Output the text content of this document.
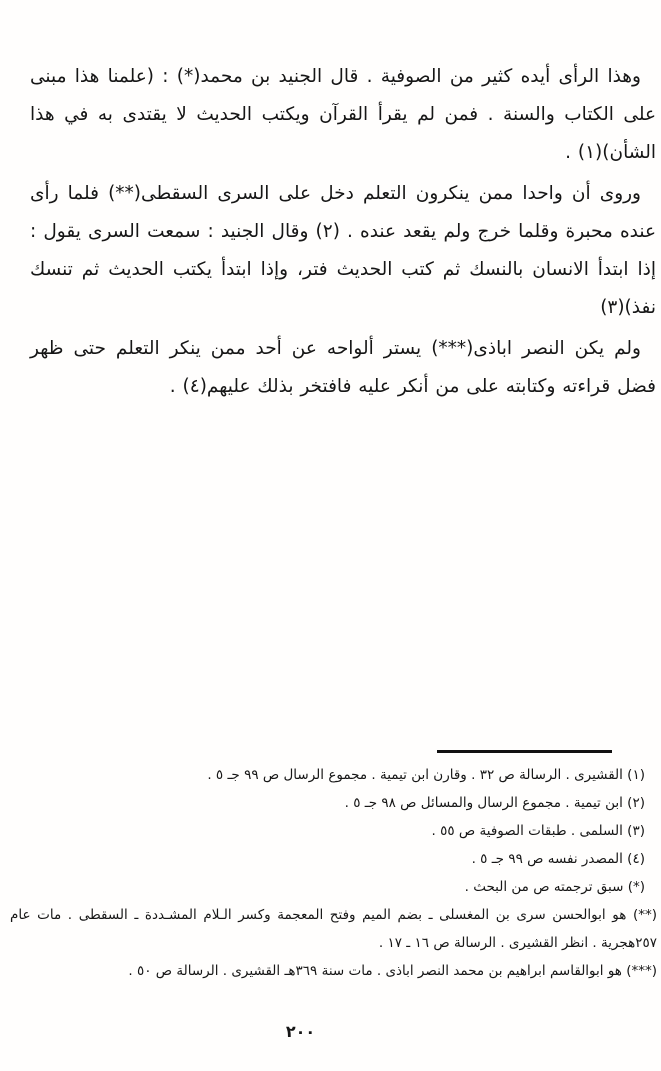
وهذا الرأى أيده كثير من الصوفية . قال الجنيد بن محمد(*) : (علمنا هذا مبنى على الكتاب والسنة . فمن لم يقرأ القرآن ويكتب الحديث لا يقتدى به في هذا الشأن)(١) .

وروى أن واحدا ممن ينكرون التعلم دخل على السرى السقطى(**) فلما رأى عنده محبرة وقلما خرج ولم يقعد عنده . (٢) وقال الجنيد : سمعت السرى يقول : إذا ابتدأ الانسان بالنسك ثم كتب الحديث فتر، وإذا ابتدأ يكتب الحديث ثم تنسك نفذ)(٣)

ولم يكن النصر اباذى(***) يستر ألواحه عن أحد ممن ينكر التعلم حتى ظهر فضل قراءته وكتابته على من أنكر عليه فافتخر بذلك عليهم(٤) .

(١) القشيرى . الرسالة ص ٣٢ . وقارن ابن تيمية . مجموع الرسال ص ٩٩ جـ ٥ .

(٢) ابن تيمية . مجموع الرسال والمسائل ص ٩٨ جـ ٥ .

(٣) السلمى . طبقات الصوفية ص ٥٥ .

(٤) المصدر نفسه ص ٩٩ جـ ٥ .

(*) سبق ترجمته ص من البحث .

(**) هو ابوالحسن سرى بن المغسلى ـ بضم الميم وفتح المعجمة وكسر الـلام المشـددة ـ السقطى . مات عام ٢٥٧هجرية . انظر القشيرى . الرسالة ص ١٦ ـ ١٧ .

(***) هو ابوالقاسم ابراهيم بن محمد النصر اباذى . مات سنة ٣٦٩هـ القشيرى . الرسالة ص ٥٠ .

٢٠٠
